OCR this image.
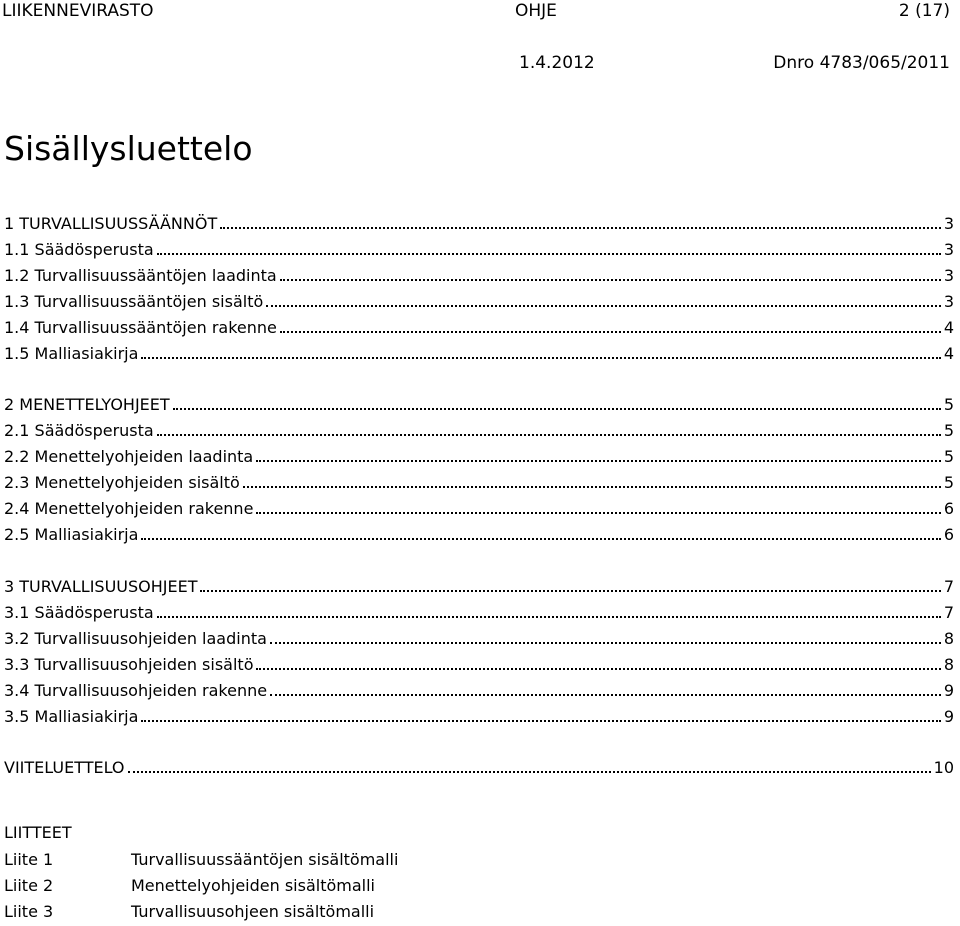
LIIKENNEVIRASTO	OHJE	2 (17)
1.4.2012	Dnro 4783/065/2011
Sisällysluettelo
1 TURVALLISUUSSÄÄNNÖT	3
1.1 Säädösperusta	3
1.2 Turvallisuussääntöjen laadinta	3
1.3 Turvallisuussääntöjen sisältö	3
1.4 Turvallisuussääntöjen rakenne	4
1.5 Malliasiakirja	4
2 MENETTELYOHJEET	5
2.1 Säädösperusta	5
2.2 Menettelyohjeiden laadinta	5
2.3 Menettelyohjeiden sisältö	5
2.4 Menettelyohjeiden rakenne	6
2.5 Malliasiakirja	6
3 TURVALLISUUSOHJEET	7
3.1 Säädösperusta	7
3.2 Turvallisuusohjeiden laadinta	8
3.3 Turvallisuusohjeiden sisältö	8
3.4 Turvallisuusohjeiden rakenne	9
3.5 Malliasiakirja	9
VIITELUETTELO	10
LIITTEET
Liite 1	Turvallisuussääntöjen sisältömalli
Liite 2	Menettelyohjeiden sisältömalli
Liite 3	Turvallisuusohjeen sisältömalli
